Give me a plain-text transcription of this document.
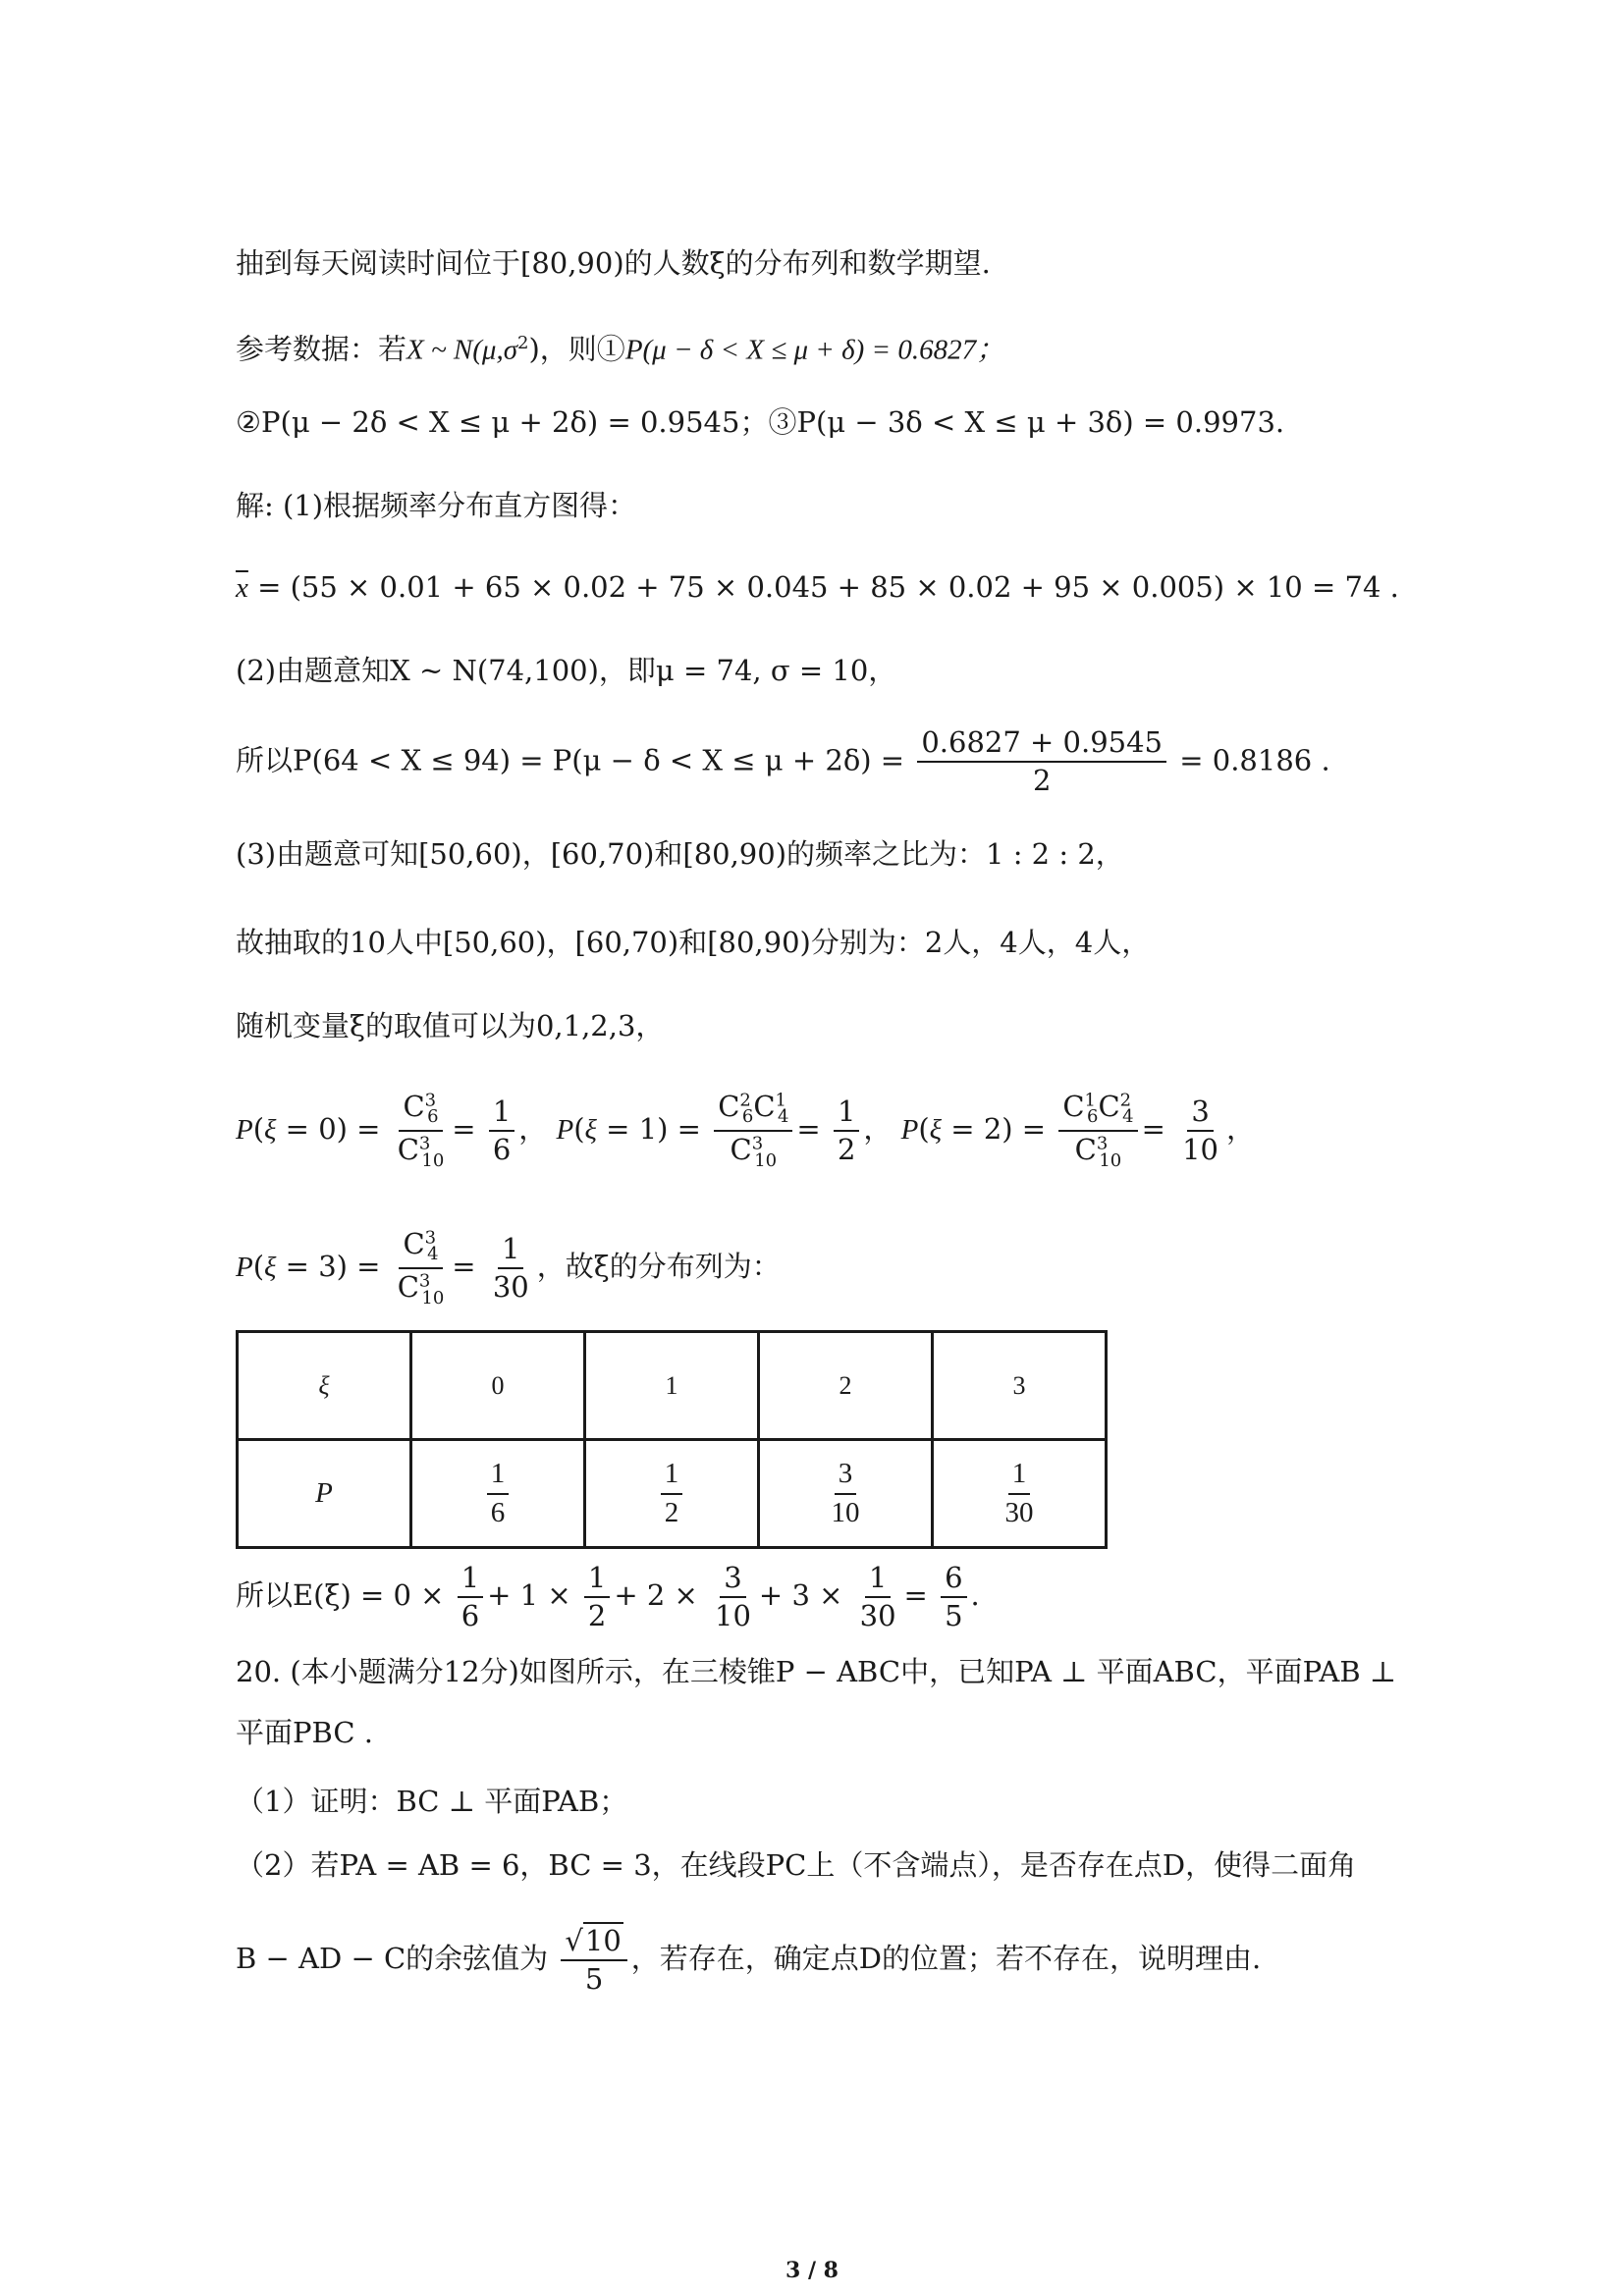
抽到每天阅读时间位于[80,90)的人数ξ的分布列和数学期望.
参考数据：若X ~ $N(\mu,\sigma^2)$，则①P(μ − δ < X ≤ μ + δ) = 0.6827；
②P(μ − 2δ < X ≤ μ + 2δ) = 0.9545；③P(μ − 3δ < X ≤ μ + 3δ) = 0.9973.
解: (1)根据频率分布直方图得：
$\overline{x} = (55 \times 0.01 + 65 \times 0.02 + 75 \times 0.045 + 85 \times 0.02 + 95 \times 0.005) \times 10 = 74$ .
(2)由题意知X ~ N(74,100)，即μ = 74, σ = 10，
所以$P(64 < X \le 94) = P(\mu - \delta < X \le \mu + 2\delta) = \frac{0.6827 + 0.9545}{2} = 0.8186$ .
(3)由题意可知[50,60)，[60,70)和[80,90)的频率之比为：1 : 2 : 2，
故抽取的10人中[50,60)，[60,70)和[80,90)分别为：2人，4人，4人，
随机变量ξ的取值可以为0,1,2,3，
$P(\xi = 0) = \frac{C^3_6}{C^3_{10}} = \frac{1}{6}$ ， $P(\xi = 1) = \frac{C^2_6C^1_4}{C^3_{10}} = \frac{1}{2}$ ， $P(\xi = 2) = \frac{C^1_6C^2_4}{C^3_{10}} = \frac{3}{10}$ ，
$P(\xi = 3) = \frac{C^3_4}{C^3_{10}} = \frac{1}{30}$ ，故ξ的分布列为：
ξ	0	1	2	3
P	$\frac{1}{6}$	$\frac{1}{2}$	$\frac{3}{10}$	$\frac{1}{30}$
所以$E(\xi) = 0 \times \frac{1}{6} + 1 \times \frac{1}{2} + 2 \times \frac{3}{10} + 3 \times \frac{1}{30} = \frac{6}{5}$ .
20. (本小题满分12分)如图所示，在三棱锥P − ABC中，已知PA ⊥ 平面ABC，平面PAB ⊥
平面PBC .
（1）证明：BC ⊥ 平面PAB；
（2）若PA = AB = 6，BC = 3，在线段PC上（不含端点），是否存在点D，使得二面角
B − AD − C的余弦值为 $\frac{√10}{5}$ ，若存在，确定点D的位置；若不存在，说明理由.
3 / 8
